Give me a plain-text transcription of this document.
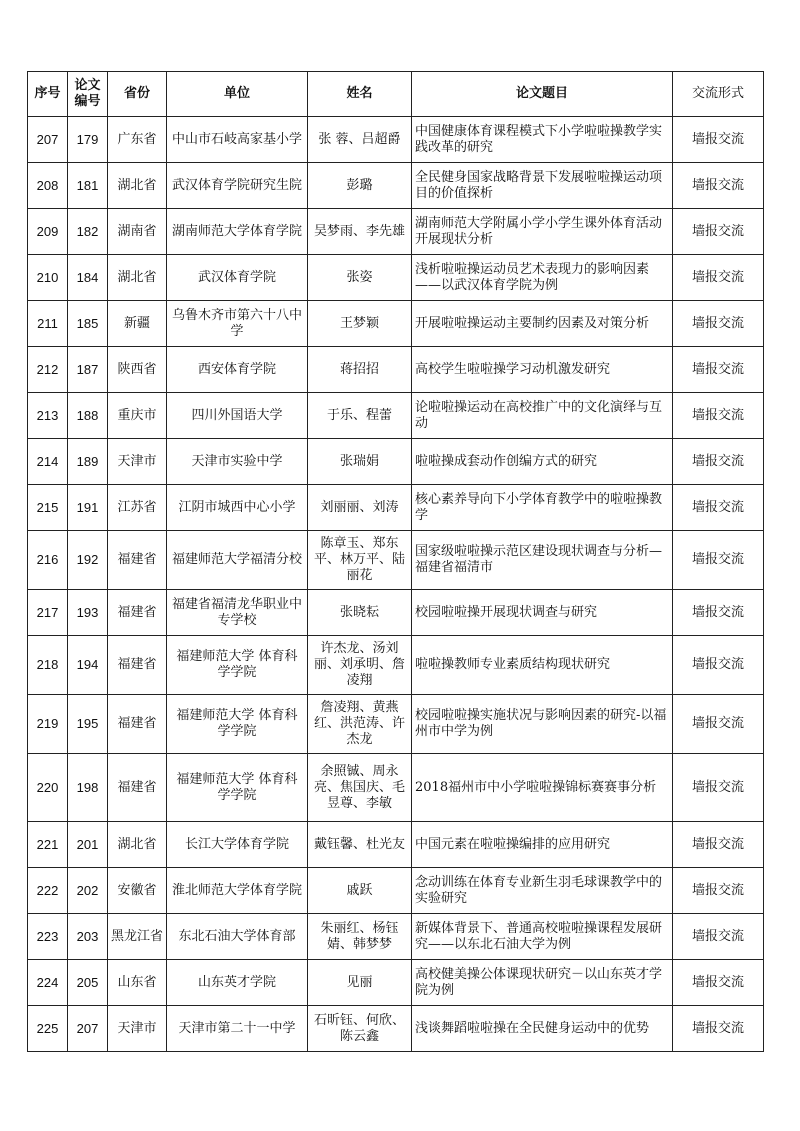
序号	论文编号	省份	单位	姓名	论文题目	交流形式
207	179	广东省	中山市石岐高家基小学	张 蓉、吕超爵	中国健康体育课程模式下小学啦啦操教学实践改革的研究	墙报交流
208	181	湖北省	武汉体育学院研究生院	彭璐	全民健身国家战略背景下发展啦啦操运动项目的价值探析	墙报交流
209	182	湖南省	湖南师范大学体育学院	吴梦雨、李先雄	湖南师范大学附属小学小学生课外体育活动开展现状分析	墙报交流
210	184	湖北省	武汉体育学院	张姿	浅析啦啦操运动员艺术表现力的影响因素——以武汉体育学院为例	墙报交流
211	185	新疆	乌鲁木齐市第六十八中学	王梦颖	开展啦啦操运动主要制约因素及对策分析	墙报交流
212	187	陕西省	西安体育学院	蒋招招	高校学生啦啦操学习动机激发研究	墙报交流
213	188	重庆市	四川外国语大学	于乐、程蕾	论啦啦操运动在高校推广中的文化演绎与互动	墙报交流
214	189	天津市	天津市实验中学	张瑞娟	啦啦操成套动作创编方式的研究	墙报交流
215	191	江苏省	江阴市城西中心小学	刘丽丽、刘涛	核心素养导向下小学体育教学中的啦啦操教学	墙报交流
216	192	福建省	福建师范大学福清分校	陈章玉、郑东平、林万平、陆丽花	国家级啦啦操示范区建设现状调查与分析—福建省福清市	墙报交流
217	193	福建省	福建省福清龙华职业中专学校	张晓耘	校园啦啦操开展现状调查与研究	墙报交流
218	194	福建省	福建师范大学 体育科学学院	许杰龙、汤刘丽、刘承明、詹凌翔	啦啦操教师专业素质结构现状研究	墙报交流
219	195	福建省	福建师范大学 体育科学学院	詹凌翔、黄燕红、洪范涛、许杰龙	校园啦啦操实施状况与影响因素的研究-以福州市中学为例	墙报交流
220	198	福建省	福建师范大学 体育科学学院	余照铖、周永亮、焦国庆、毛昱尊、李敏	2018福州市中小学啦啦操锦标赛赛事分析	墙报交流
221	201	湖北省	长江大学体育学院	戴钰馨、杜光友	中国元素在啦啦操编排的应用研究	墙报交流
222	202	安徽省	淮北师范大学体育学院	戚跃	念动训练在体育专业新生羽毛球课教学中的实验研究	墙报交流
223	203	黑龙江省	东北石油大学体育部	朱丽红、杨钰婧、韩梦梦	新媒体背景下、普通高校啦啦操课程发展研究——以东北石油大学为例	墙报交流
224	205	山东省	山东英才学院	见丽	高校健美操公体课现状研究－以山东英才学院为例	墙报交流
225	207	天津市	天津市第二十一中学	石昕钰、何欣、陈云鑫	浅谈舞蹈啦啦操在全民健身运动中的优势	墙报交流
